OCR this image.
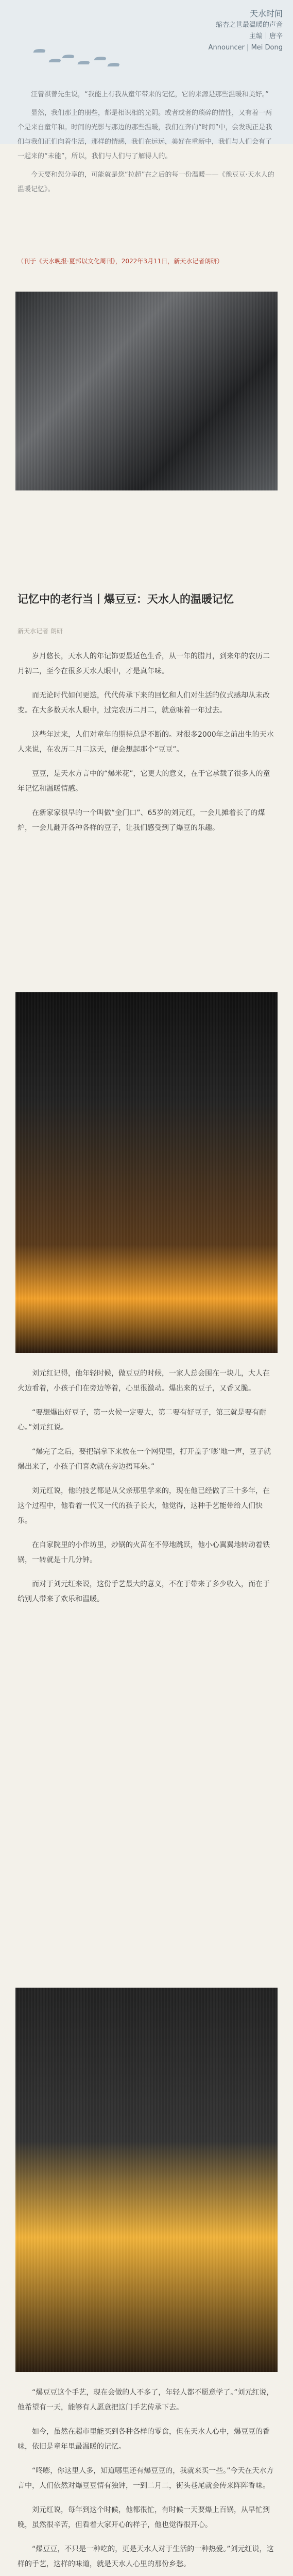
天水时间
缩杏之世最温暖的声音
主编｜唐辛
Announcer | Mei Dong

汪曾祺曾先生说，“我能上有我从童年带来的记忆，它的来源是那些温暖和美好。”

显然，我们那上的朋些，都是相识相的光阴。或者或者的琐碎的情性，又有着一两个是来自童年和。时间的光影与那边的那些温暖，我们在奔向“时间”中，会发现正是我们与我们正们向着生活，那样的情感，我们在远远，美好在重新中，我们与人们会有了一起来的“未能”，所以，我们与人们与了解得人的。

今天要和您分享的，可能就是您“拉超”在之后的每一份温暖——《豫豆豆·天水人的温暖记忆》。

（刊于《天水晚报·夏邦以文化周刊》，2022年3月11日，新天水记者朗研）
记忆中的老行当丨爆豆豆：天水人的温暖记忆
新天水记者 朗研

岁月悠长，天水人的年记饰要最适色生香，从一年的腊月，到来年的农历二月初二，至今在很多天水人眼中，才是真年味。

而无论时代如何更迭，代代传承下来的回忆和人们对生活的仪式感却从未改变。在大多数天水人眼中，过完农历二月二，就意味着一年过去。

这些年过来，人们对童年的期待总是不断的。对很多2000年之前出生的天水人来说，在农历二月二这天，便会想起那个“豆豆”。

豆豆，是天水方言中的“爆米花”，它更大的意义，在于它承载了很多人的童年记忆和温暖情感。

在新家家很早的一个叫做“金门口”、65岁的刘元红，一会儿摊着长了的煤炉，一会儿翻开各种各样的豆子，让我们感受到了爆豆的乐趣。

刘元红记得，他年轻时候，做豆豆的时候，一家人总会围在一块儿，大人在火边看着，小孩子们在旁边等着，心里很激动。爆出来的豆子，又香又脆。

“要想爆出好豆子，第一火候一定要大，第二要有好豆子，第三就是要有耐心。”刘元红说。

“爆完了之后，要把锅拿下来放在一个网兜里，打开盖子‘嘭’地一声，豆子就爆出来了，小孩子们喜欢就在旁边捂耳朵。”

刘元红说，他的技艺都是从父亲那里学来的，现在他已经做了三十多年，在这个过程中，他看着一代又一代的孩子长大，他觉得，这种手艺能带给人们快乐。

在自家院里的小作坊里，炒锅的火苗在不停地跳跃，他小心翼翼地转动着铁锅，一转就是十几分钟。

而对于刘元红来说，这份手艺最大的意义，不在于带来了多少收入，而在于给别人带来了欢乐和温暖。

“爆豆豆这个手艺，现在会做的人不多了，年轻人都不愿意学了。”刘元红说，他希望有一天，能够有人愿意把这门手艺传承下去。

如今，虽然在超市里能买到各种各样的零食，但在天水人心中，爆豆豆的香味，依旧是童年里最温暖的记忆。

“咚嘭，你这里人多，知道哪里还有爆豆豆的，我就来买一些。”今天在天水方言中，人们依然对爆豆豆情有独钟，一到二月二，街头巷尾就会传来阵阵香味。

刘元红说，每年到这个时候，他都很忙，有时候一天要爆上百锅，从早忙到晚，虽然很辛苦，但看着大家开心的样子，他也觉得很开心。

“爆豆豆，不只是一种吃的，更是天水人对于生活的一种热爱。”刘元红说，这样的手艺，这样的味道，就是天水人心里的那份乡愁。
